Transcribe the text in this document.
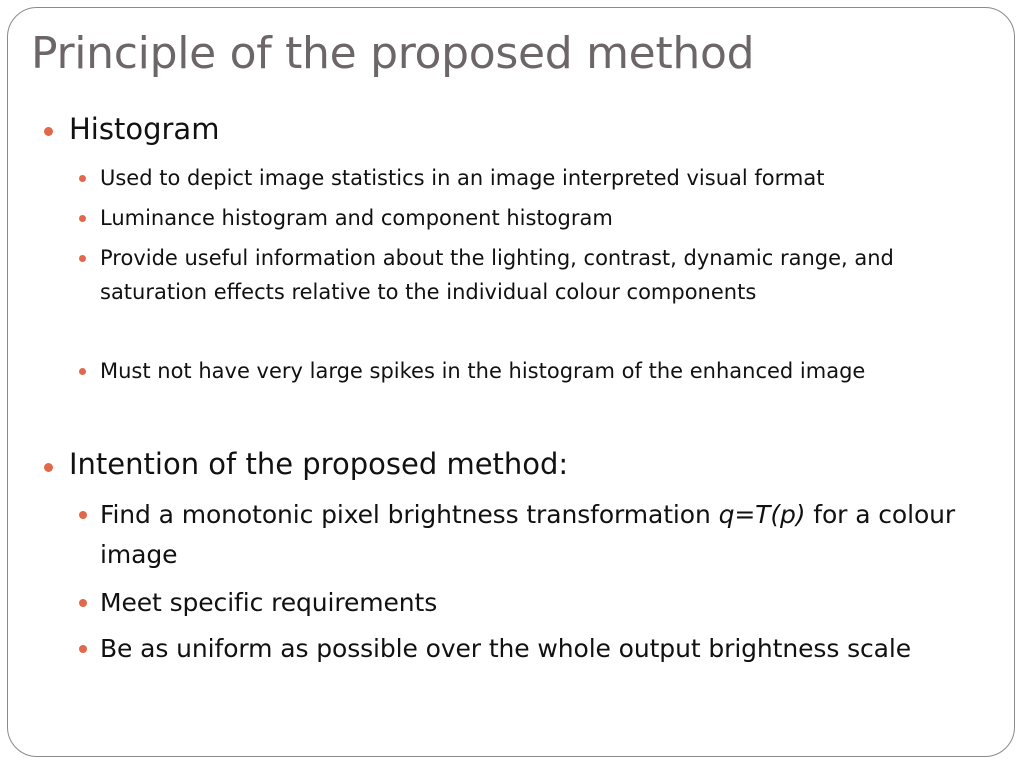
Principle of the proposed method
Histogram
Used to depict image statistics in an image interpreted visual format
Luminance histogram and component histogram
Provide useful information about the lighting, contrast, dynamic range, and saturation effects relative to the individual colour components
Must not have very large spikes in the histogram of the enhanced image
Intention of the proposed method:
Find a monotonic pixel brightness transformation q=T(p) for a colour image
Meet specific requirements
Be as uniform as possible over the whole output brightness scale
